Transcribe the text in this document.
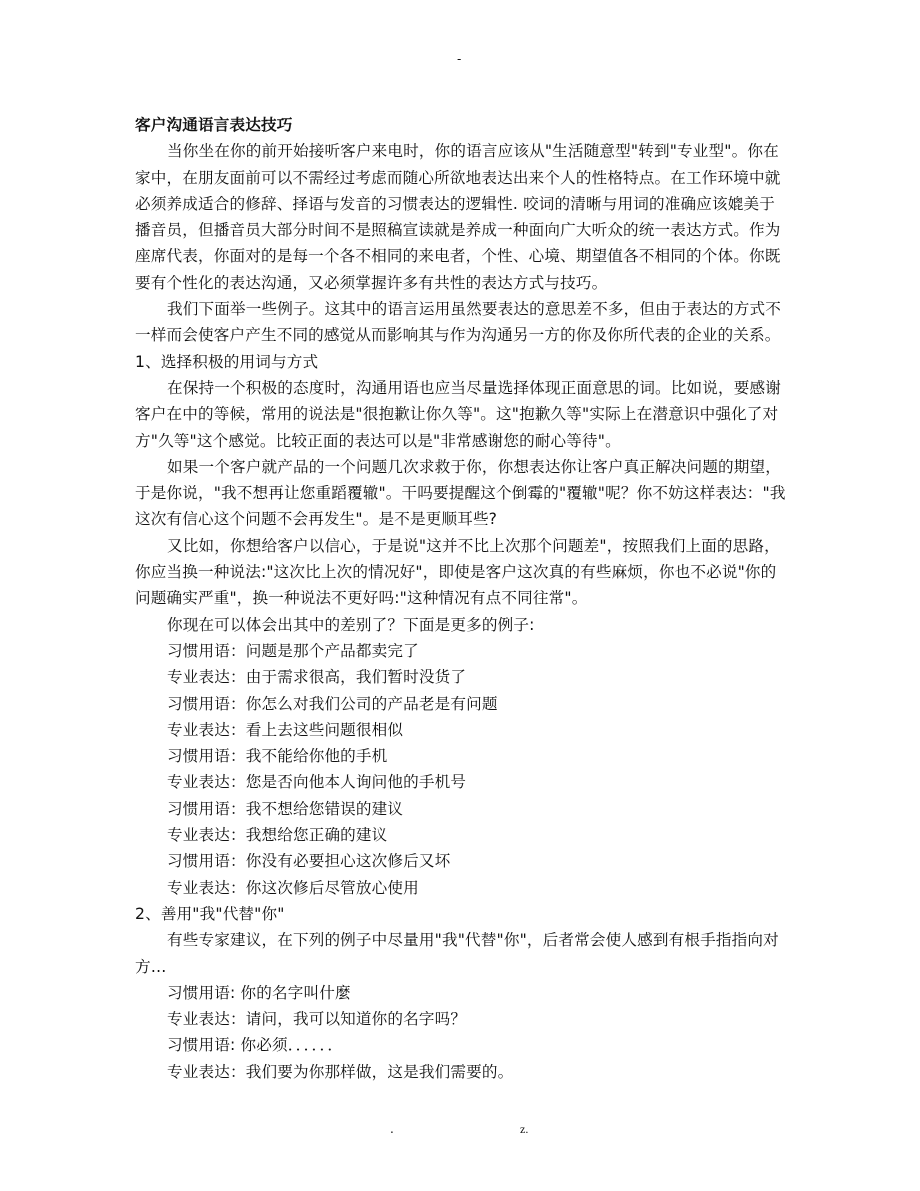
-
客户沟通语言表达技巧
当你坐在你的前开始接听客户来电时，你的语言应该从"生活随意型"转到"专业型"。你在
家中，在朋友面前可以不需经过考虑而随心所欲地表达出来个人的性格特点。在工作环境中就
必须养成适合的修辞、择语与发音的习惯表达的逻辑性. 咬词的清晰与用词的准确应该媲美于
播音员，但播音员大部分时间不是照稿宣读就是养成一种面向广大听众的统一表达方式。作为
座席代表，你面对的是每一个各不相同的来电者，个性、心境、期望值各不相同的个体。你既
要有个性化的表达沟通，又必须掌握许多有共性的表达方式与技巧。
我们下面举一些例子。这其中的语言运用虽然要表达的意思差不多，但由于表达的方式不
一样而会使客户产生不同的感觉从而影响其与作为沟通另一方的你及你所代表的企业的关系。
1、选择积极的用词与方式
在保持一个积极的态度时，沟通用语也应当尽量选择体现正面意思的词。比如说，要感谢
客户在中的等候，常用的说法是"很抱歉让你久等"。这"抱歉久等"实际上在潜意识中强化了对
方"久等"这个感觉。比较正面的表达可以是"非常感谢您的耐心等待"。
如果一个客户就产品的一个问题几次求救于你，你想表达你让客户真正解决问题的期望，
于是你说，"我不想再让您重蹈覆辙"。干吗要提醒这个倒霉的"覆辙"呢？你不妨这样表达："我
这次有信心这个问题不会再发生"。是不是更顺耳些?
又比如，你想给客户以信心，于是说"这并不比上次那个问题差"，按照我们上面的思路，
你应当换一种说法:"这次比上次的情况好"，即使是客户这次真的有些麻烦，你也不必说"你的
问题确实严重"，换一种说法不更好吗:"这种情况有点不同往常"。
你现在可以体会出其中的差别了？下面是更多的例子:
习惯用语：问题是那个产品都卖完了
专业表达：由于需求很高，我们暂时没货了
习惯用语：你怎么对我们公司的产品老是有问题
专业表达：看上去这些问题很相似
习惯用语：我不能给你他的手机
专业表达：您是否向他本人询问他的手机号
习惯用语：我不想给您错误的建议
专业表达：我想给您正确的建议
习惯用语：你没有必要担心这次修后又坏
专业表达：你这次修后尽管放心使用
2、善用"我"代替"你"
有些专家建议，在下列的例子中尽量用"我"代替"你"，后者常会使人感到有根手指指向对
方…
习惯用语: 你的名字叫什麼
专业表达：请问，我可以知道你的名字吗？
习惯用语: 你必须．．．．．．
专业表达：我们要为你那样做，这是我们需要的。
.	z.
